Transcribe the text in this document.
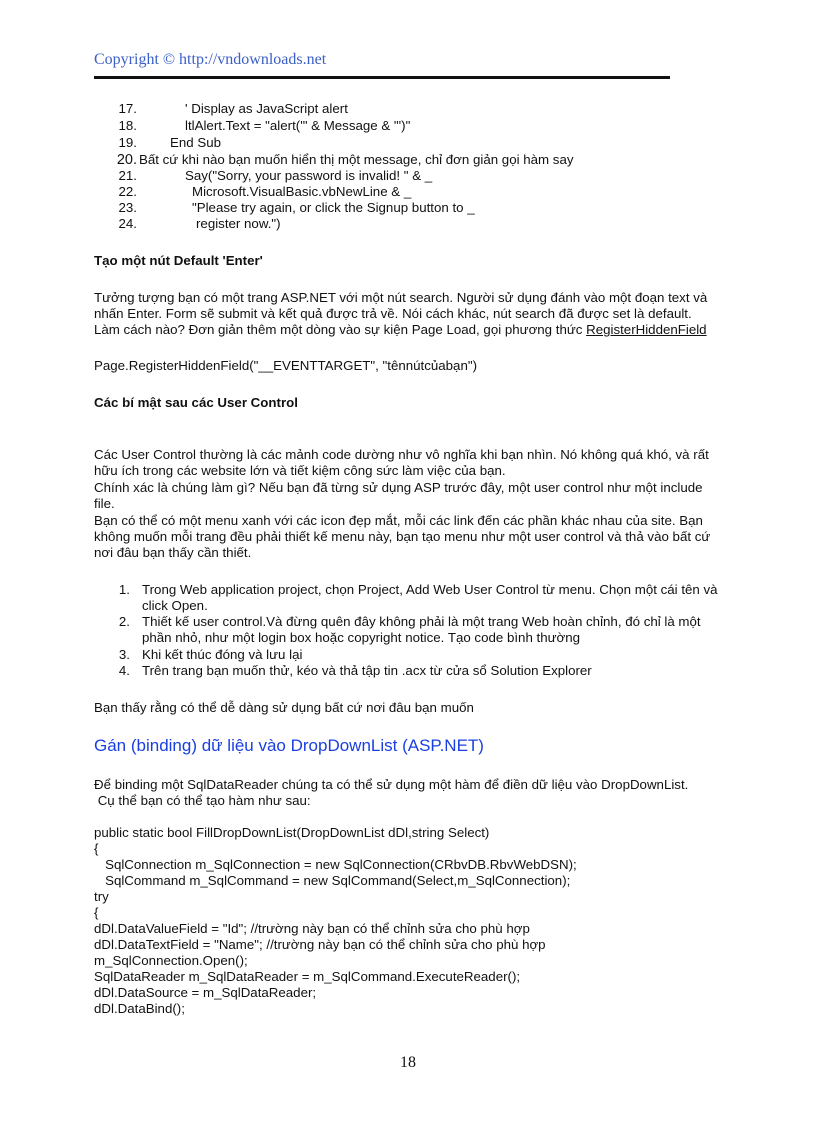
Copyright © http://vndownloads.net
17.	' Display as JavaScript alert
18.	ltlAlert.Text = "alert('" & Message & "')"
19. End Sub
20. Bất cứ khi nào bạn muốn hiển thị một message, chỉ đơn giản gọi hàm say
21.	Say("Sorry, your password is invalid! " & _
22.	Microsoft.VisualBasic.vbNewLine & _
23.	"Please try again, or click the Signup button to _
24.	register now.")
Tạo một nút Default 'Enter'
Tưởng tượng bạn có một trang ASP.NET với một nút search. Người sử dụng đánh vào một đoạn text và
nhấn Enter. Form sẽ submit và kết quả được trả về. Nói cách khác, nút search đã được set là default.
Làm cách nào? Đơn giản thêm một dòng vào sự kiện Page Load, gọi phương thức RegisterHiddenField
Page.RegisterHiddenField("__EVENTTARGET", "tênnútcủabạn")
Các bí mật sau các User Control
Các User Control thường là các mảnh code dường như vô nghĩa khi bạn nhìn. Nó không quá khó, và rất
hữu ích trong các website lớn và tiết kiệm công sức làm việc của bạn.
Chính xác là chúng làm gì? Nếu bạn đã từng sử dụng ASP trước đây, một user control như một include
file.
Bạn có thể có một menu xanh với các icon đẹp mắt, mỗi các link đến các phần khác nhau của site. Bạn
không muốn mỗi trang đều phải thiết kế menu này, bạn tạo menu như một user control và thả vào bất cứ
nơi đâu bạn thấy cần thiết.
1. Trong Web application project, chọn Project, Add Web User Control từ menu. Chọn một cái tên và
click Open.
2. Thiết kế user control.Và đừng quên đây không phải là một trang Web hoàn chỉnh, đó chỉ là một
phần nhỏ, như một login box hoặc copyright notice. Tạo code bình thường
3. Khi kết thúc đóng và lưu lại
4. Trên trang bạn muốn thử, kéo và thả tập tin .acx từ cửa sổ Solution Explorer
Bạn thấy rằng có thể dễ dàng sử dụng bất cứ nơi đâu bạn muốn
Gán (binding) dữ liệu vào DropDownList (ASP.NET)
Để binding một SqlDataReader chúng ta có thể sử dụng một hàm để điền dữ liệu vào DropDownList.
Cụ thể bạn có thể tạo hàm như sau:
public static bool FillDropDownList(DropDownList dDl,string Select)
{
SqlConnection m_SqlConnection = new SqlConnection(CRbvDB.RbvWebDSN);
SqlCommand m_SqlCommand = new SqlCommand(Select,m_SqlConnection);
try
{
dDl.DataValueField = "Id"; //trường này bạn có thể chỉnh sửa cho phù hợp
dDl.DataTextField = "Name"; //trường này bạn có thể chỉnh sửa cho phù hợp
m_SqlConnection.Open();
SqlDataReader m_SqlDataReader = m_SqlCommand.ExecuteReader();
dDl.DataSource = m_SqlDataReader;
dDl.DataBind();
18
